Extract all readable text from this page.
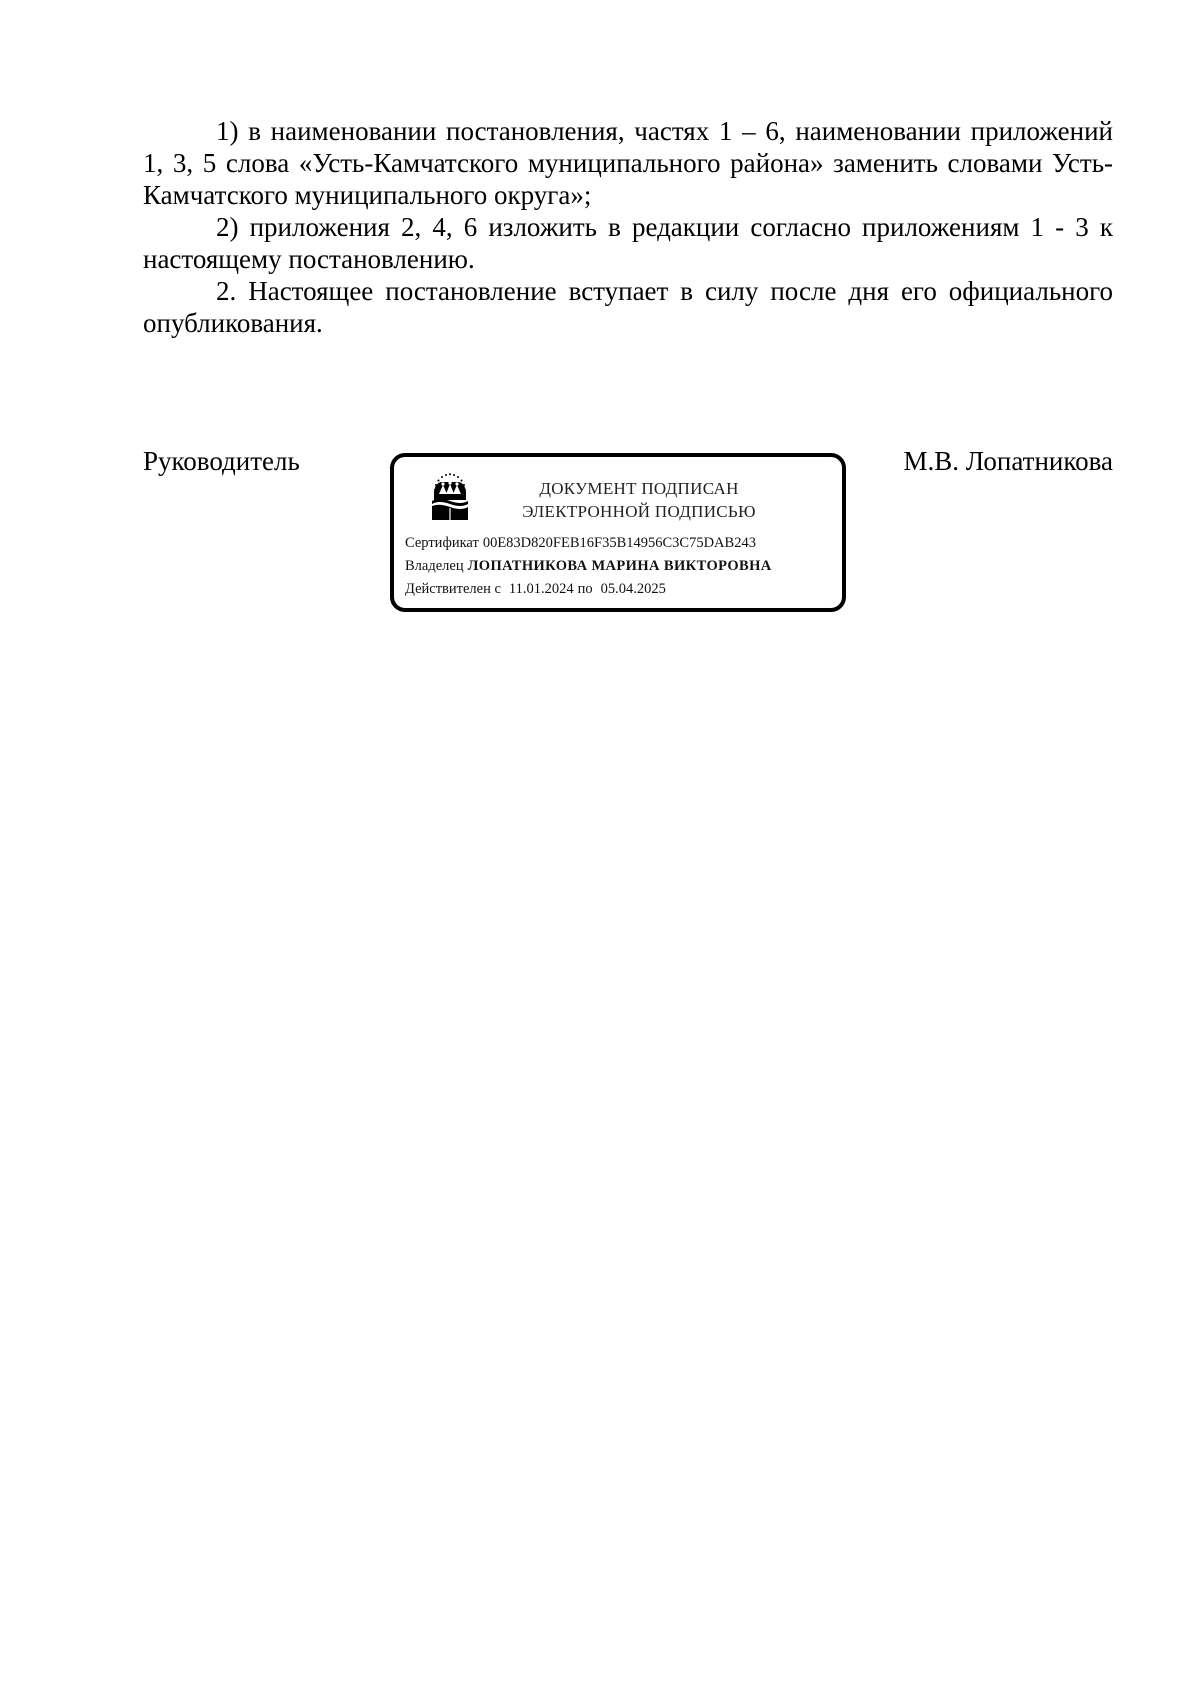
1) в наименовании постановления, частях 1 – 6, наименовании приложений 1, 3, 5 слова «Усть-Камчатского муниципального района» заменить словами Усть-Камчатского муниципального округа»;

2) приложения 2, 4, 6 изложить в редакции согласно приложениям 1 - 3 к настоящему постановлению.

2. Настоящее постановление вступает в силу после дня его официального опубликования.

Руководитель	М.В. Лопатникова
ДОКУМЕНТ ПОДПИСАН
ЭЛЕКТРОННОЙ ПОДПИСЬЮ
Сертификат 00E83D820FEB16F35B14956C3C75DAB243
Владелец ЛОПАТНИКОВА МАРИНА ВИКТОРОВНА
Действителен с 11.01.2024 по 05.04.2025
